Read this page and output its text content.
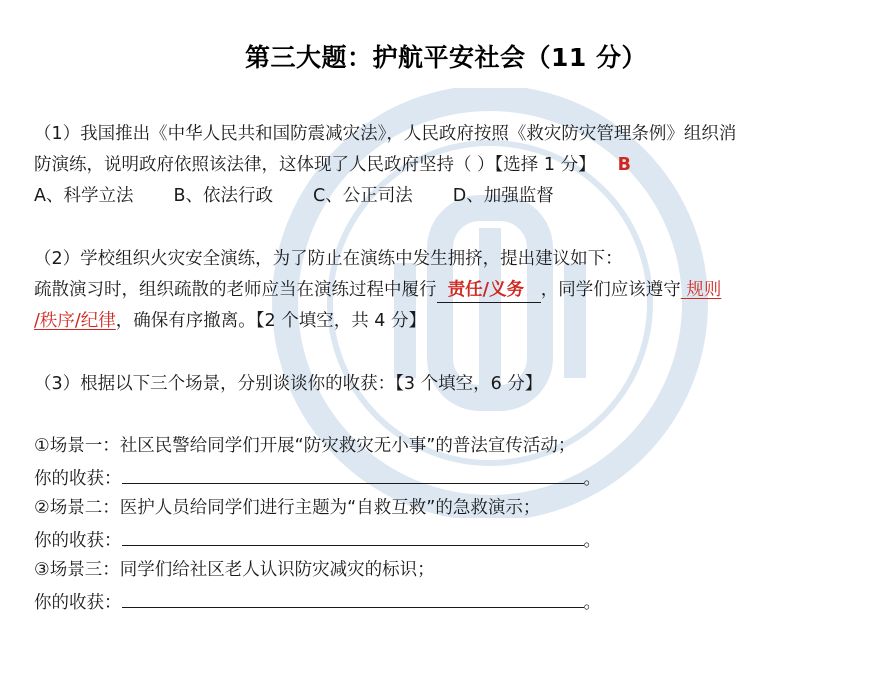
第三大题：护航平安社会（11 分）
（1）我国推出《中华人民共和国防震减灾法》，人民政府按照《救灾防灾管理条例》组织消
防演练，说明政府依照该法律，这体现了人民政府坚持（ ）【选择 1 分】 B
A、科学立法 B、依法行政 C、公正司法 D、加强监督
（2）学校组织火灾安全演练，为了防止在演练中发生拥挤，提出建议如下：
疏散演习时，组织疏散的老师应当在演练过程中履行 责任/义务 ，同学们应该遵守 规则
/秩序/纪律，确保有序撤离。【2 个填空，共 4 分】
（3）根据以下三个场景，分别谈谈你的收获：【3 个填空，6 分】
①场景一：社区民警给同学们开展“防灾救灾无小事”的普法宣传活动；
你的收获：	。
②场景二：医护人员给同学们进行主题为“自救互救”的急救演示；
你的收获：	。
③场景三：同学们给社区老人认识防灾减灾的标识；
你的收获：	。
